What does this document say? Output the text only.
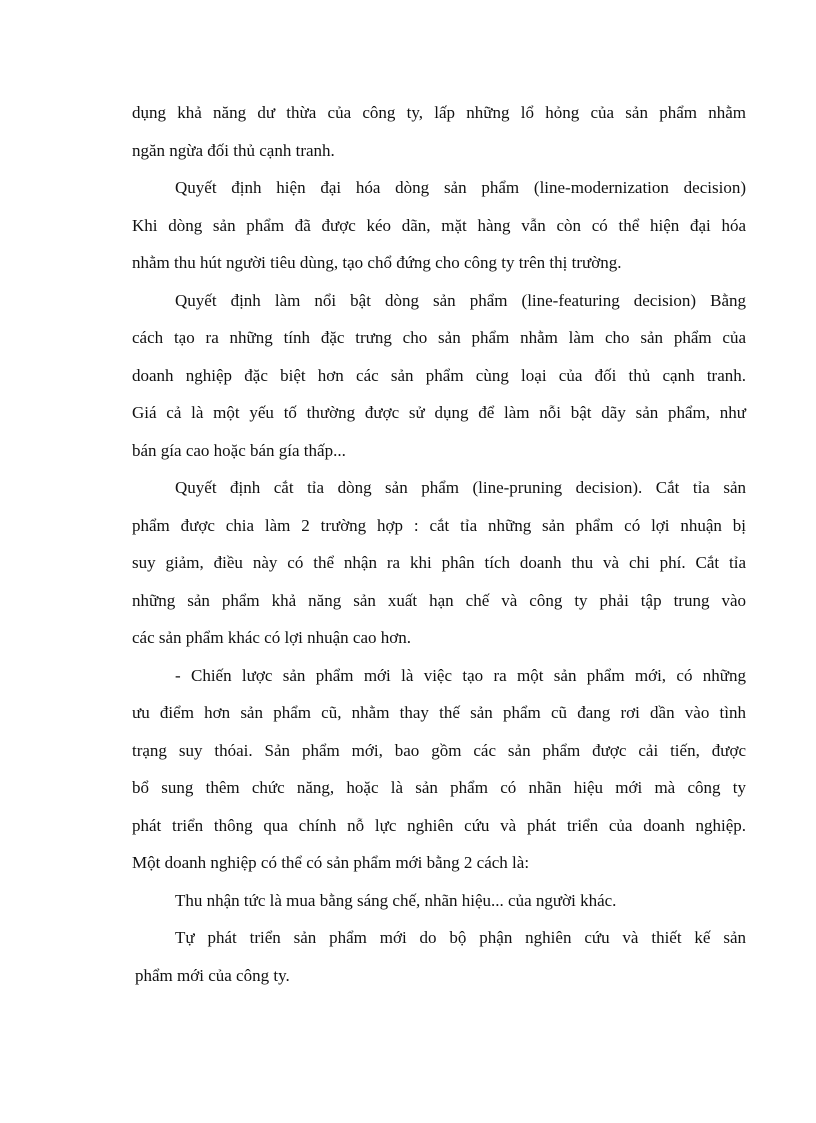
dụng khả năng dư thừa của công ty, lấp những lổ hỏng của sản phẩm nhằm
ngăn ngừa đối thủ cạnh tranh.
Quyết định hiện đại hóa dòng sản phẩm (line-modernization decision)
Khi dòng sản phẩm đã được kéo dãn, mặt hàng vẫn còn có thể hiện đại hóa
nhằm thu hút người tiêu dùng, tạo chổ đứng cho công ty trên thị trường.
Quyết định làm nổi bật dòng sản phẩm (line-featuring decision) Bằng
cách tạo ra những tính đặc trưng cho sản phẩm nhằm làm cho sản phẩm của
doanh nghiệp đặc biệt hơn các sản phẩm cùng loại của đối thủ cạnh tranh.
Giá cả là một yếu tố thường được sử dụng để làm nỗi bật dãy sản phẩm, như
bán gía cao hoặc bán gía thấp...
Quyết định cắt tỉa dòng sản phẩm (line-pruning decision). Cắt tỉa sản
phẩm được chia làm 2 trường hợp : cắt tỉa những sản phẩm có lợi nhuận bị
suy giảm, điều này có thể nhận ra khi phân tích doanh thu và chi phí. Cắt tỉa
những sản phẩm khả năng sản xuất hạn chế và công ty phải tập trung vào
các sản phẩm khác có lợi nhuận cao hơn.
- Chiến lược sản phẩm mới là việc tạo ra một sản phẩm mới, có những
ưu điểm hơn sản phẩm cũ, nhằm thay thế sản phẩm cũ đang rơi dần vào tình
trạng suy thóai. Sản phẩm mới, bao gồm các sản phẩm được cải tiến, được
bổ sung thêm chức năng, hoặc là sản phẩm có nhãn hiệu mới mà công ty
phát triển thông qua chính nỗ lực nghiên cứu và phát triển của doanh nghiệp.
Một doanh nghiệp có thể có sản phẩm mới bằng 2 cách là:
Thu nhận tức là mua bằng sáng chế, nhãn hiệu... của người khác.
Tự phát triển sản phẩm mới do bộ phận nghiên cứu và thiết kế sản
phẩm mới của công ty.
